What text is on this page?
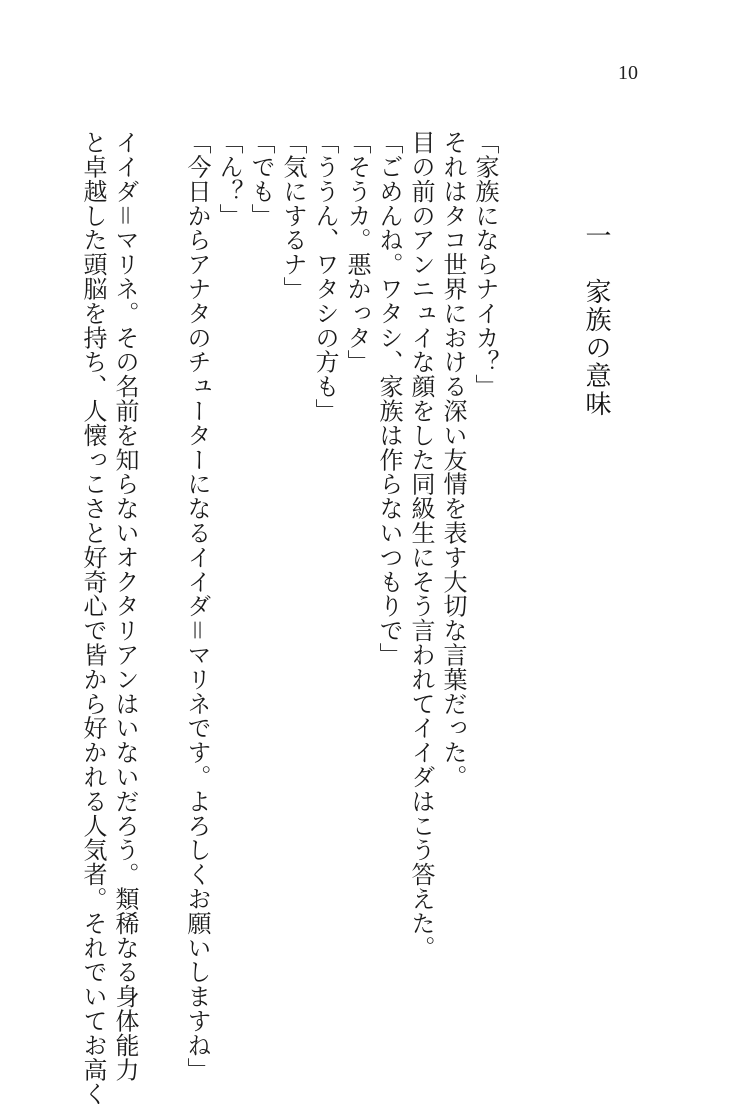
10
一　家族の意味

「家族にならナイカ？」

それはタコ世界における深い友情を表す大切な言葉だった。

目の前のアンニュイな顔をした同級生にそう言われてイイダはこう答えた。

「ごめんね。ワタシ、家族は作らないつもりで」

「そうカ。悪かっタ」

「ううん、ワタシの方も」

「気にするナ」

「でも」

「ん？」

「今日からアナタのチューターになるイイダ＝マリネです。よろしくお願いしますね」

イイダ＝マリネ。その名前を知らないオクタリアンはいないだろう。類稀なる身体能力

と卓越した頭脳を持ち、人懐っこさと好奇心で皆から好かれる人気者。それでいてお高く
